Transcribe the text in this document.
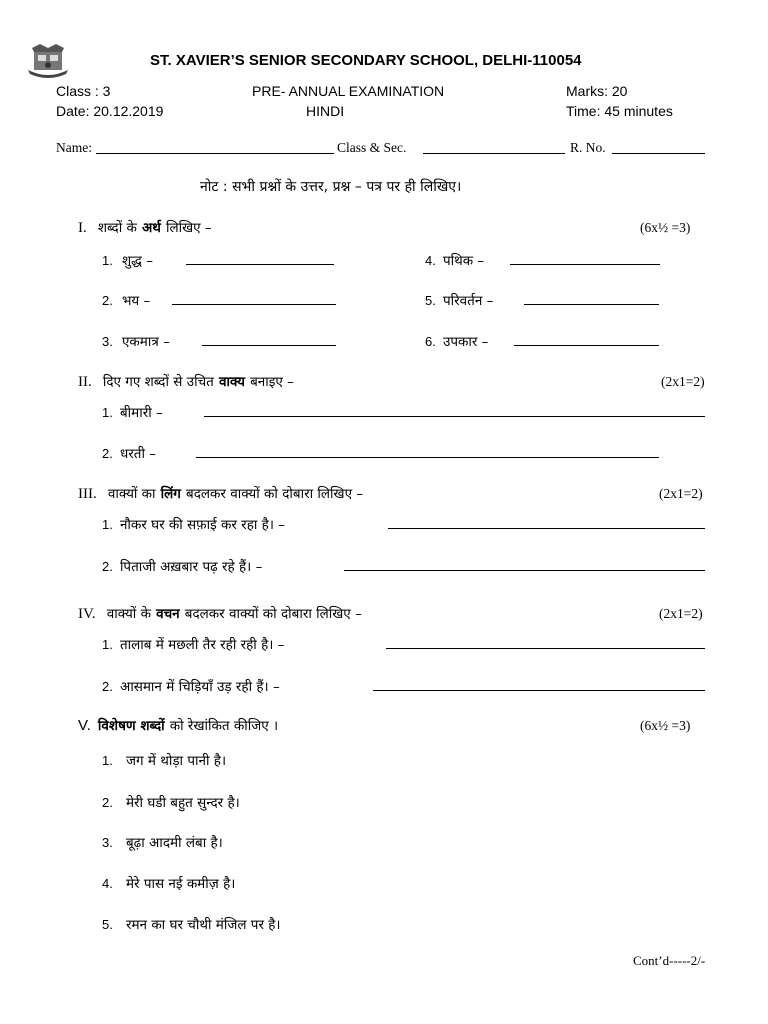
ST. XAVIER’S SENIOR SECONDARY SCHOOL, DELHI-110054
Class : 3	PRE- ANNUAL EXAMINATION	Marks: 20
Date: 20.12.2019	HINDI	Time: 45 minutes
Name:	Class & Sec.	R. No.
नोट : सभी प्रश्नों के उत्तर, प्रश्न – पत्र पर ही लिखिए।
I. शब्दों के अर्थ लिखिए –	(6x½ =3)
1. शुद्ध –
2. भय –
3. एकमात्र –
4. पथिक –
5. परिवर्तन –
6. उपकार –
II. दिए गए शब्दों से उचित वाक्य बनाइए –	(2x1=2)
1. बीमारी –
2. धरती –
III. वाक्यों का लिंग बदलकर वाक्यों को दोबारा लिखिए –	(2x1=2)
1. नौकर घर की सफ़ाई कर रहा है। –
2. पिताजी अख़बार पढ़ रहे हैं। –
IV. वाक्यों के वचन बदलकर वाक्यों को दोबारा लिखिए –	(2x1=2)
1. तालाब में मछली तैर रही रही है। –
2. आसमान में चिड़ियाँ उड़ रही हैं। –
V. विशेषण शब्दों को रेखांकित कीजिए ।	(6x½ =3)
1. जग में थोड़ा पानी है।
2. मेरी घडी बहुत सुन्दर है।
3. बूढ़ा आदमी लंबा है।
4. मेरे पास नई कमीज़ है।
5. रमन का घर चौथी मंजिल पर है।
Cont’d-----2/-
